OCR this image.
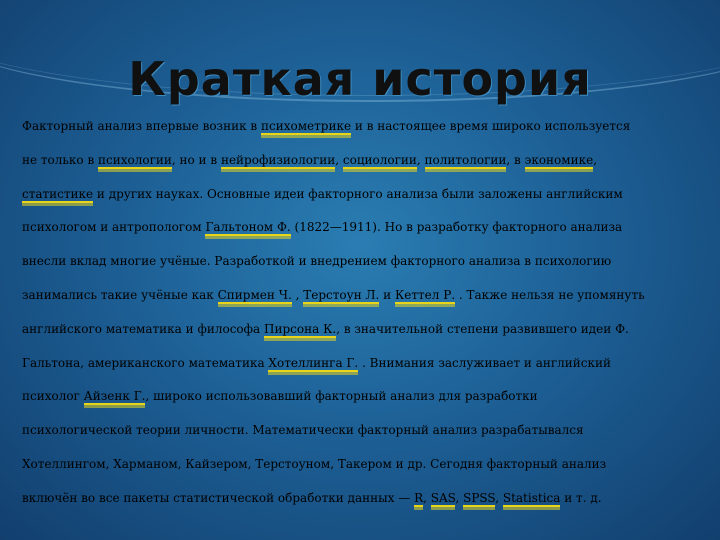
Краткая история
Факторный анализ впервые возник в психометрике и в настоящее время широко используется
не только в психологии, но и в нейрофизиологии, социологии, политологии, в экономике,
статистике и других науках. Основные идеи факторного анализа были заложены английским
психологом и антропологом Гальтоном Ф. (1822—1911). Но в разработку факторного анализа
внесли вклад многие учёные. Разработкой и внедрением факторного анализа в психологию
занимались такие учёные как Спирмен Ч. , Терстоун Л. и Кеттел Р. . Также нельзя не упомянуть
английского математика и философа Пирсона К., в значительной степени развившего идеи Ф.
Гальтона, американского математика Хотеллинга Г. . Внимания заслуживает и английский
психолог Айзенк Г., широко использовавший факторный анализ для разработки
психологической теории личности. Математически факторный анализ разрабатывался
Хотеллингом, Харманом, Кайзером, Терстоуном, Такером и др. Сегодня факторный анализ
включён во все пакеты статистической обработки данных — R, SAS, SPSS, Statistica и т. д.
